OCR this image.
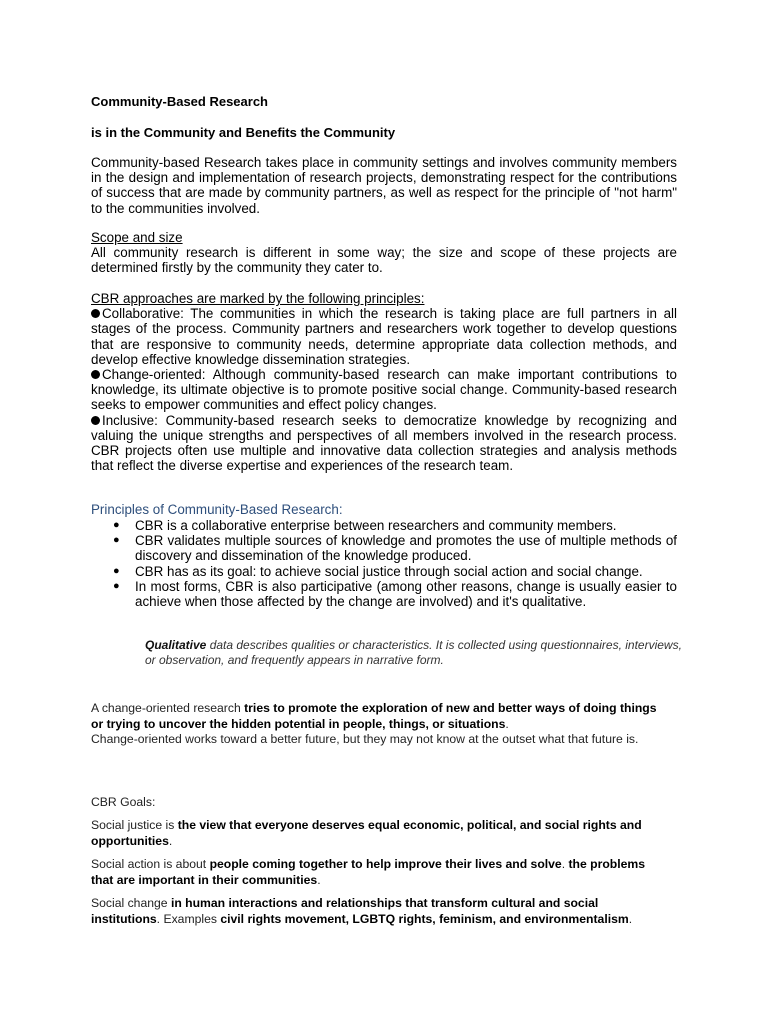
Community-Based Research
is in the Community and Benefits the Community

Community-based Research takes place in community settings and involves community members in the design and implementation of research projects, demonstrating respect for the contributions of success that are made by community partners, as well as respect for the principle of "not harm" to the communities involved.

Scope and size

All community research is different in some way; the size and scope of these projects are determined firstly by the community they cater to.

CBR approaches are marked by the following principles:

Collaborative: The communities in which the research is taking place are full partners in all stages of the process. Community partners and researchers work together to develop questions that are responsive to community needs, determine appropriate data collection methods, and develop effective knowledge dissemination strategies.

Change-oriented: Although community-based research can make important contributions to knowledge, its ultimate objective is to promote positive social change. Community-based research seeks to empower communities and effect policy changes.

Inclusive: Community-based research seeks to democratize knowledge by recognizing and valuing the unique strengths and perspectives of all members involved in the research process. CBR projects often use multiple and innovative data collection strategies and analysis methods that reflect the diverse expertise and experiences of the research team.

Principles of Community-Based Research:
● CBR is a collaborative enterprise between researchers and community members.
● CBR validates multiple sources of knowledge and promotes the use of multiple methods of discovery and dissemination of the knowledge produced.
● CBR has as its goal: to achieve social justice through social action and social change.
● In most forms, CBR is also participative (among other reasons, change is usually easier to achieve when those affected by the change are involved) and it's qualitative.
Qualitative data describes qualities or characteristics. It is collected using questionnaires, interviews, or observation, and frequently appears in narrative form.

A change-oriented research tries to promote the exploration of new and better ways of doing things or trying to uncover the hidden potential in people, things, or situations.

Change-oriented works toward a better future, but they may not know at the outset what that future is.

CBR Goals:

Social justice is the view that everyone deserves equal economic, political, and social rights and opportunities.

Social action is about people coming together to help improve their lives and solve. the problems that are important in their communities.

Social change in human interactions and relationships that transform cultural and social institutions. Examples civil rights movement, LGBTQ rights, feminism, and environmentalism.
